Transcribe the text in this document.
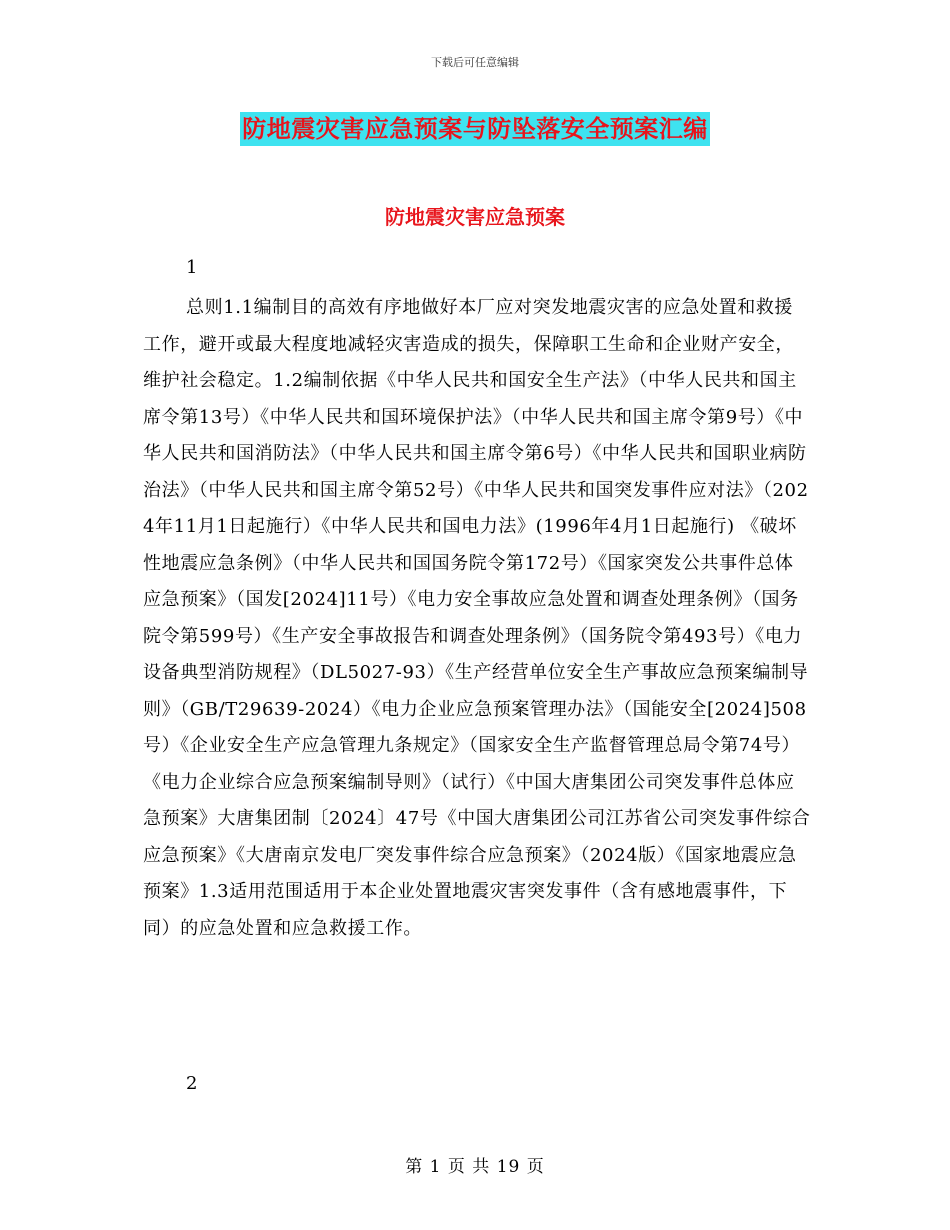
下载后可任意编辑
防地震灾害应急预案与防坠落安全预案汇编
防地震灾害应急预案
1

总则1.1编制目的高效有序地做好本厂应对突发地震灾害的应急处置和救援工作，避开或最大程度地减轻灾害造成的损失，保障职工生命和企业财产安全，维护社会稳定。1.2编制依据《中华人民共和国安全生产法》（中华人民共和国主席令第13号）《中华人民共和国环境保护法》（中华人民共和国主席令第9号）《中华人民共和国消防法》（中华人民共和国主席令第6号）《中华人民共和国职业病防治法》（中华人民共和国主席令第52号）《中华人民共和国突发事件应对法》（2024年11月1日起施行）《中华人民共和国电力法》(1996年4月1日起施行) 《破坏性地震应急条例》（中华人民共和国国务院令第172号）《国家突发公共事件总体应急预案》（国发[2024]11号）《电力安全事故应急处置和调查处理条例》（国务院令第599号）《生产安全事故报告和调查处理条例》（国务院令第493号）《电力设备典型消防规程》（DL5027-93）《生产经营单位安全生产事故应急预案编制导则》（GB/T29639-2024）《电力企业应急预案管理办法》（国能安全[2024]508号）《企业安全生产应急管理九条规定》（国家安全生产监督管理总局令第74号）《电力企业综合应急预案编制导则》（试行）《中国大唐集团公司突发事件总体应急预案》大唐集团制〔2024〕47号《中国大唐集团公司江苏省公司突发事件综合应急预案》《大唐南京发电厂突发事件综合应急预案》（2024版）《国家地震应急预案》1.3适用范围适用于本企业处置地震灾害突发事件（含有感地震事件，下同）的应急处置和应急救援工作。

2
第 1 页 共 19 页
